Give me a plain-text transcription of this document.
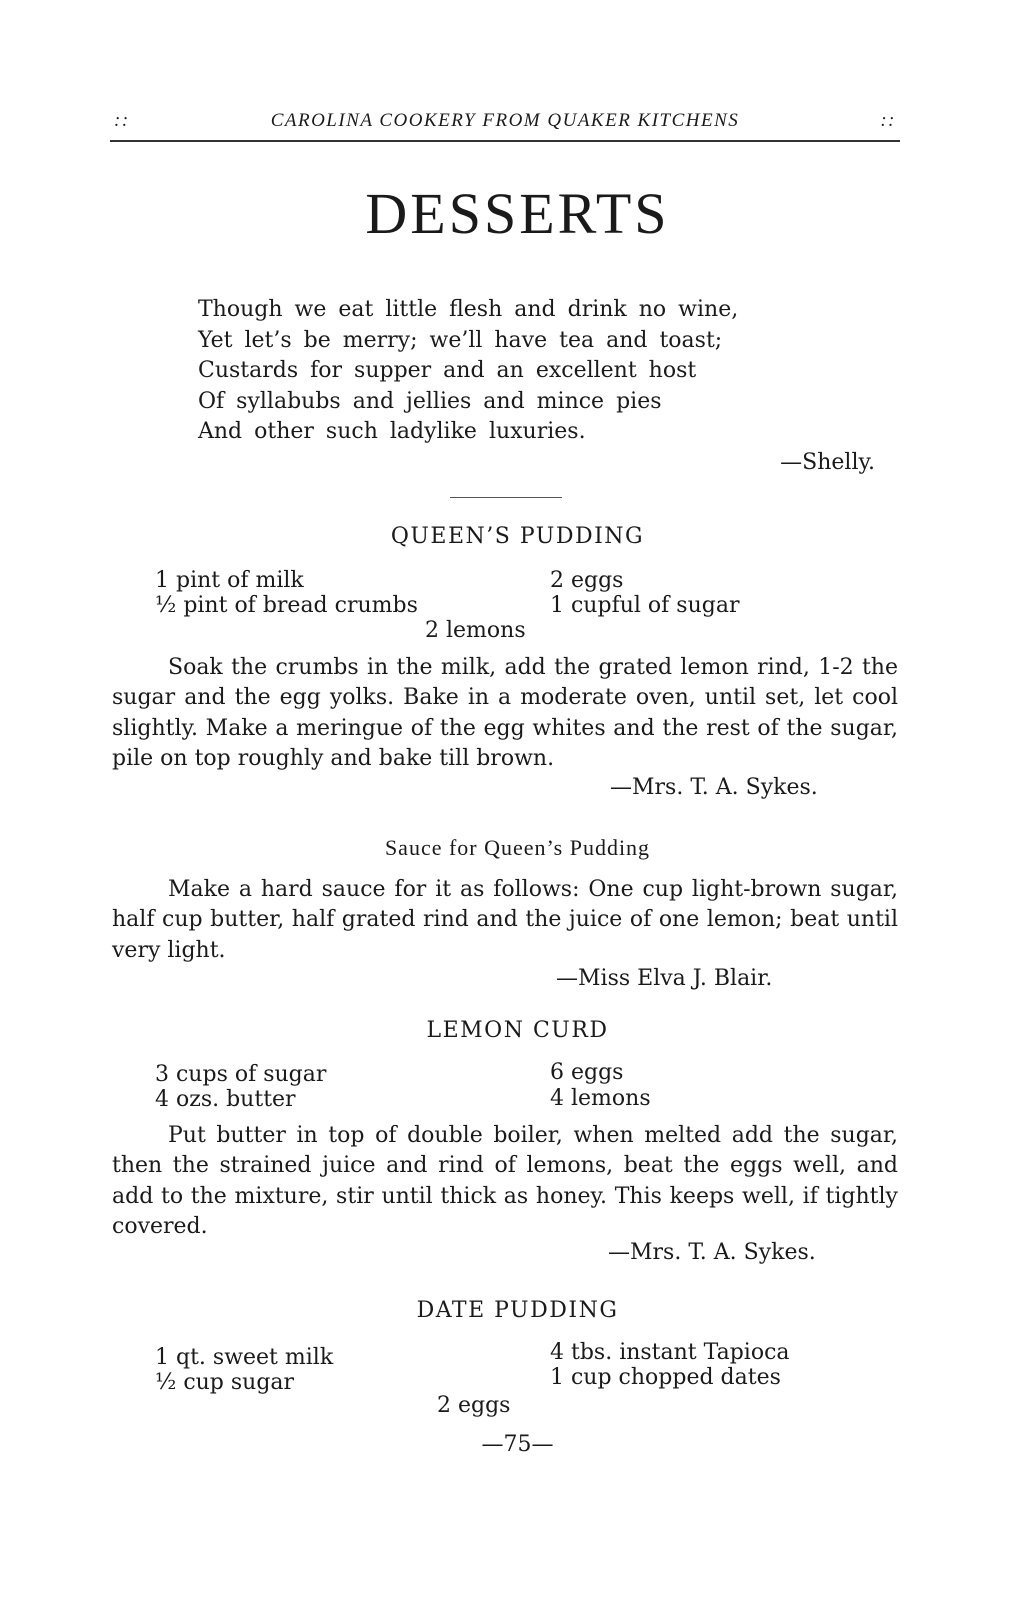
::	CAROLINA COOKERY FROM QUAKER KITCHENS	::
DESSERTS
Though we eat little flesh and drink no wine,
Yet let’s be merry; we’ll have tea and toast;
Custards for supper and an excellent host
Of syllabubs and jellies and mince pies
And other such ladylike luxuries.
—Shelly.
QUEEN’S PUDDING
1 pint of milk
½ pint of bread crumbs
2 eggs
1 cupful of sugar
2 lemons

Soak the crumbs in the milk, add the grated lemon rind, 1-2 the sugar and the egg yolks. Bake in a moderate oven, until set, let cool slightly. Make a meringue of the egg whites and the rest of the sugar, pile on top roughly and bake till brown.

—Mrs. T. A. Sykes.
Sauce for Queen’s Pudding

Make a hard sauce for it as follows: One cup light-brown sugar, half cup butter, half grated rind and the juice of one lemon; beat until very light.

—Miss Elva J. Blair.
LEMON CURD
3 cups of sugar
4 ozs. butter
6 eggs
4 lemons

Put butter in top of double boiler, when melted add the sugar, then the strained juice and rind of lemons, beat the eggs well, and add to the mixture, stir until thick as honey. This keeps well, if tightly covered.

—Mrs. T. A. Sykes.
DATE PUDDING
1 qt. sweet milk
½ cup sugar
4 tbs. instant Tapioca
1 cup chopped dates
2 eggs
—75—
